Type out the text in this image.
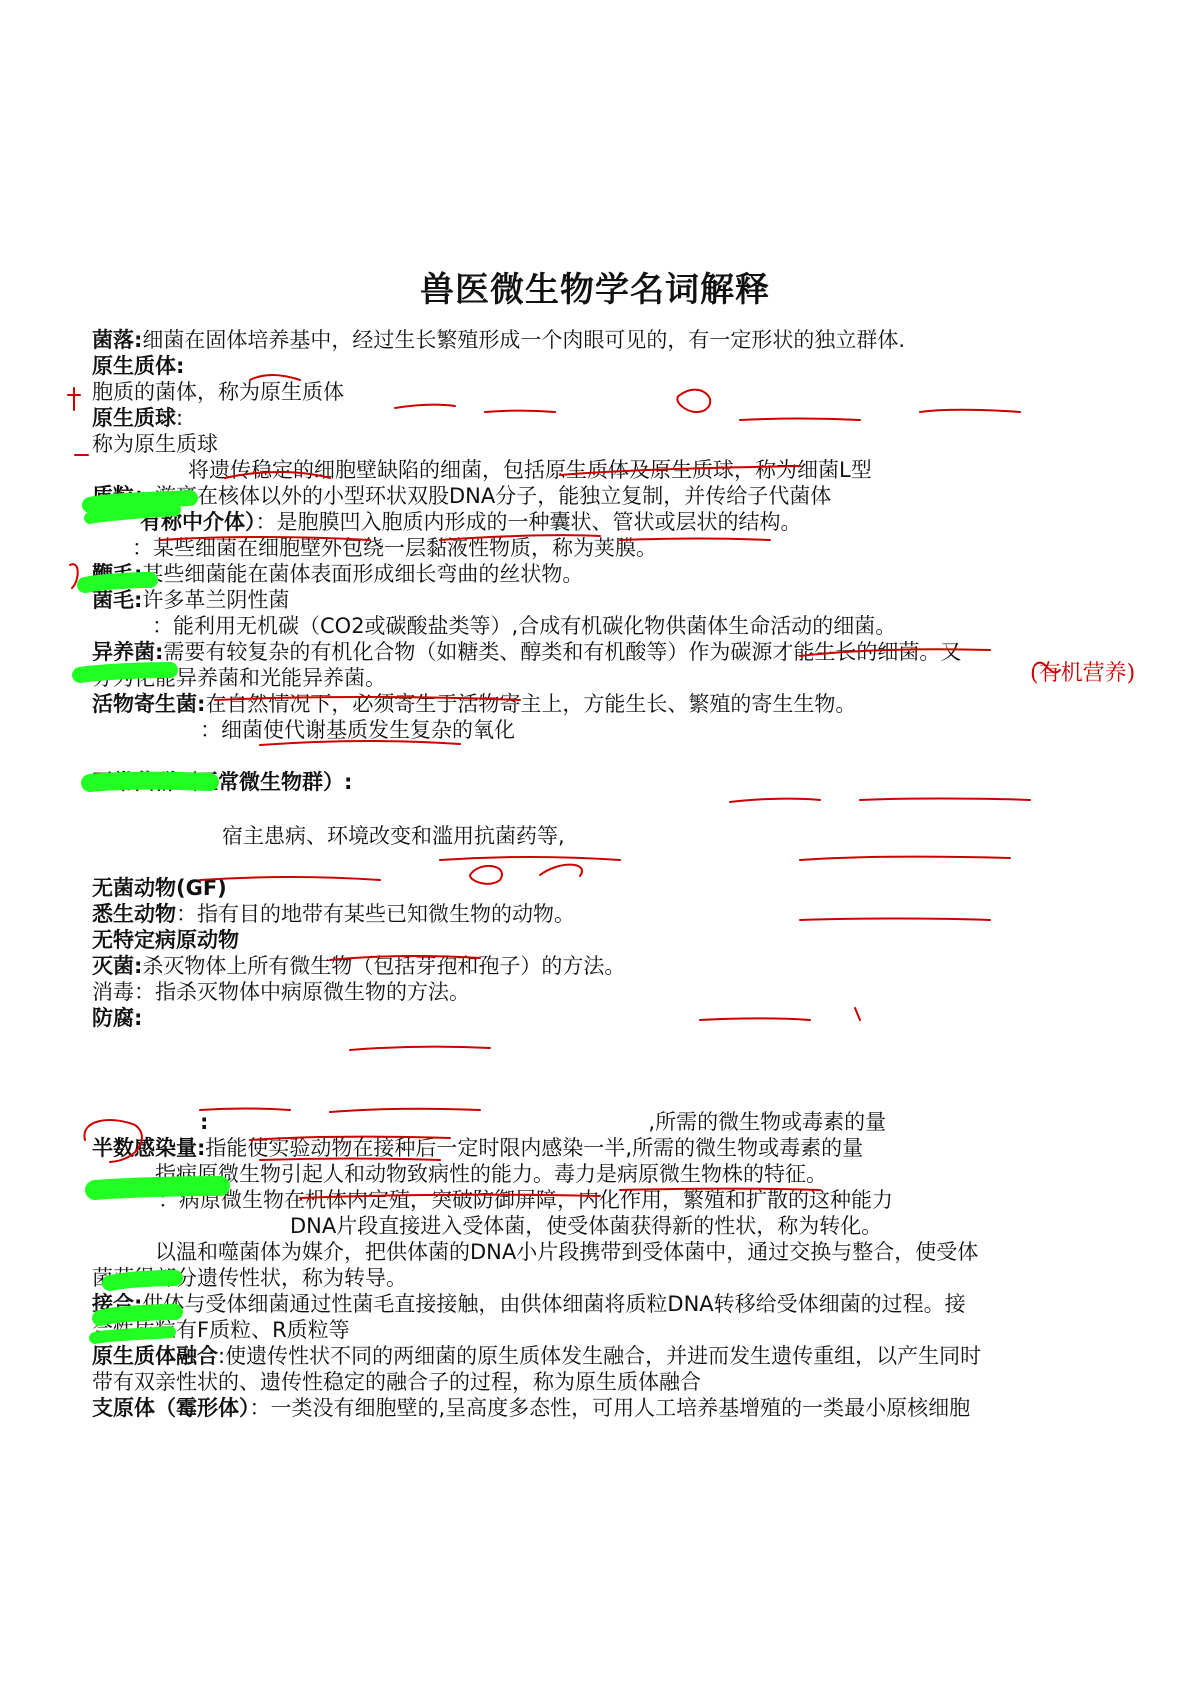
兽医微生物学名词解释
菌落:细菌在固体培养基中，经过生长繁殖形成一个肉眼可见的，有一定形状的独立群体.
原生质体:
胞质的菌体，称为原生质体
原生质球:
称为原生质球
将遗传稳定的细胞壁缺陷的细菌，包括原生质体及原生质球，称为细菌L型
质粒：游离在核体以外的小型环状双股DNA分子，能独立复制，并传给子代菌体
有称中介体）：是胞膜凹入胞质内形成的一种囊状、管状或层状的结构。
：某些细菌在细胞壁外包绕一层黏液性物质，称为荚膜。
鞭毛:某些细菌能在菌体表面形成细长弯曲的丝状物。
菌毛:许多革兰阴性菌
：能利用无机碳（CO2或碳酸盐类等）,合成有机碳化物供菌体生命活动的细菌。
异养菌:需要有较复杂的有机化合物（如糖类、醇类和有机酸等）作为碳源才能生长的细菌。又
分为化能异养菌和光能异养菌。
活物寄生菌:在自然情况下，必须寄生于活物寄主上，方能生长、繁殖的寄生生物。
：细菌使代谢基质发生复杂的氧化
正常菌群（正常微生物群）:
宿主患病、环境改变和滥用抗菌药等,
无菌动物(GF)
悉生动物：指有目的地带有某些已知微生物的动物。
无特定病原动物
灭菌:杀灭物体上所有微生物（包括芽孢和孢子）的方法。
消毒：指杀灭物体中病原微生物的方法。
防腐:
:	,所需的微生物或毒素的量
半数感染量:指能使实验动物在接种后一定时限内感染一半,所需的微生物或毒素的量
指病原微生物引起人和动物致病性的能力。毒力是病原微生物株的特征。
：病原微生物在机体内定殖，突破防御屏障，内化作用，繁殖和扩散的这种能力
DNA片段直接进入受体菌，使受体菌获得新的性状，称为转化。
以温和噬菌体为媒介，把供体菌的DNA小片段携带到受体菌中，通过交换与整合，使受体
菌获得部分遗传性状，称为转导。
接合:供体与受体细菌通过性菌毛直接接触，由供体细菌将质粒DNA转移给受体细菌的过程。接
合性质粒有F质粒、R质粒等
原生质体融合:使遗传性状不同的两细菌的原生质体发生融合，并进而发生遗传重组，以产生同时
带有双亲性状的、遗传性稳定的融合子的过程，称为原生质体融合
支原体（霉形体）：一类没有细胞壁的,呈高度多态性，可用人工培养基增殖的一类最小原核细胞
(有机营养)
